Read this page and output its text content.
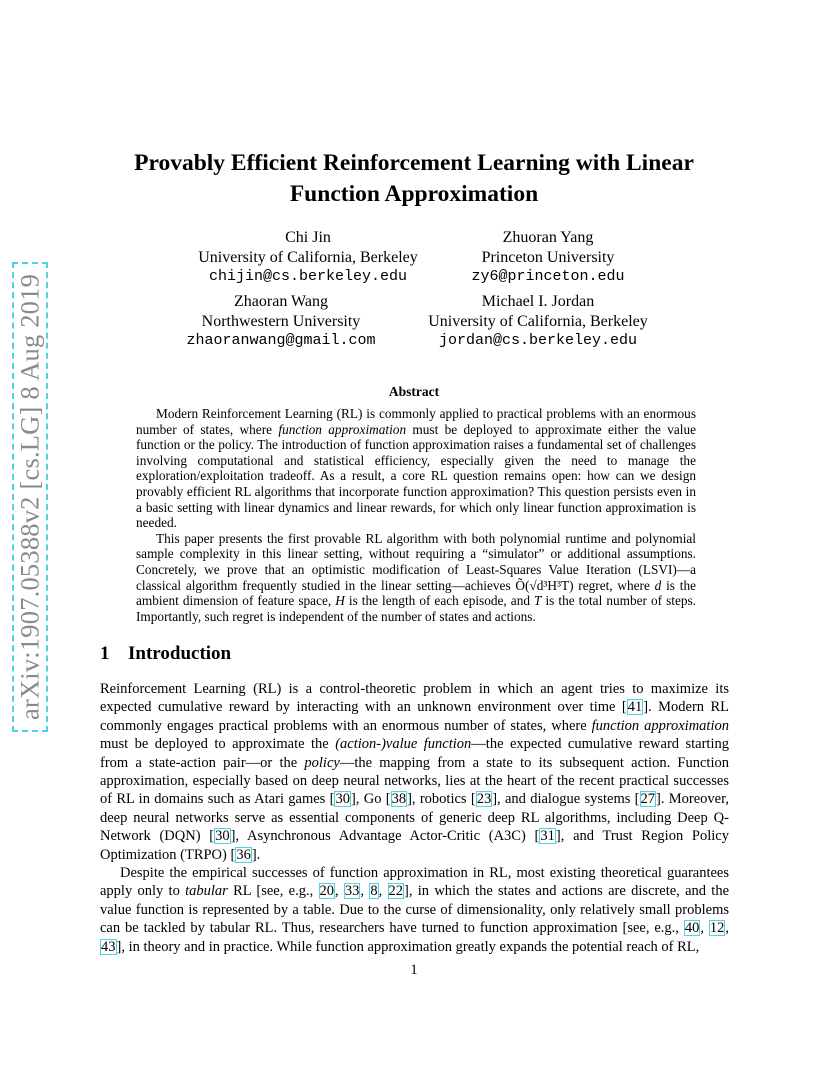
arXiv:1907.05388v2 [cs.LG] 8 Aug 2019
Provably Efficient Reinforcement Learning with Linear
Function Approximation
Chi Jin
University of California, Berkeley
chijin@cs.berkeley.edu
Zhuoran Yang
Princeton University
zy6@princeton.edu
Zhaoran Wang
Northwestern University
zhaoranwang@gmail.com
Michael I. Jordan
University of California, Berkeley
jordan@cs.berkeley.edu
Abstract

Modern Reinforcement Learning (RL) is commonly applied to practical problems with an enormous number of states, where function approximation must be deployed to approximate either the value function or the policy. The introduction of function approximation raises a fundamental set of challenges involving computational and statistical efficiency, especially given the need to manage the exploration/exploitation tradeoff. As a result, a core RL question remains open: how can we design provably efficient RL algorithms that incorporate function approximation? This question persists even in a basic setting with linear dynamics and linear rewards, for which only linear function approximation is needed.

This paper presents the first provable RL algorithm with both polynomial runtime and polynomial sample complexity in this linear setting, without requiring a “simulator” or additional assumptions. Concretely, we prove that an optimistic modification of Least-Squares Value Iteration (LSVI)—a classical algorithm frequently studied in the linear setting—achieves Õ(√d³H³T) regret, where d is the ambient dimension of feature space, H is the length of each episode, and T is the total number of steps. Importantly, such regret is independent of the number of states and actions.

1 Introduction

Reinforcement Learning (RL) is a control-theoretic problem in which an agent tries to maximize its expected cumulative reward by interacting with an unknown environment over time [41]. Modern RL commonly engages practical problems with an enormous number of states, where function approximation must be deployed to approximate the (action-)value function—the expected cumulative reward starting from a state-action pair—or the policy—the mapping from a state to its subsequent action. Function approximation, especially based on deep neural networks, lies at the heart of the recent practical successes of RL in domains such as Atari games [30], Go [38], robotics [23], and dialogue systems [27]. Moreover, deep neural networks serve as essential components of generic deep RL algorithms, including Deep Q-Network (DQN) [30], Asynchronous Advantage Actor-Critic (A3C) [31], and Trust Region Policy Optimization (TRPO) [36].

Despite the empirical successes of function approximation in RL, most existing theoretical guarantees apply only to tabular RL [see, e.g., 20, 33, 8, 22], in which the states and actions are discrete, and the value function is represented by a table. Due to the curse of dimensionality, only relatively small problems can be tackled by tabular RL. Thus, researchers have turned to function approximation [see, e.g., 40, 12, 43], in theory and in practice. While function approximation greatly expands the potential reach of RL,

1
